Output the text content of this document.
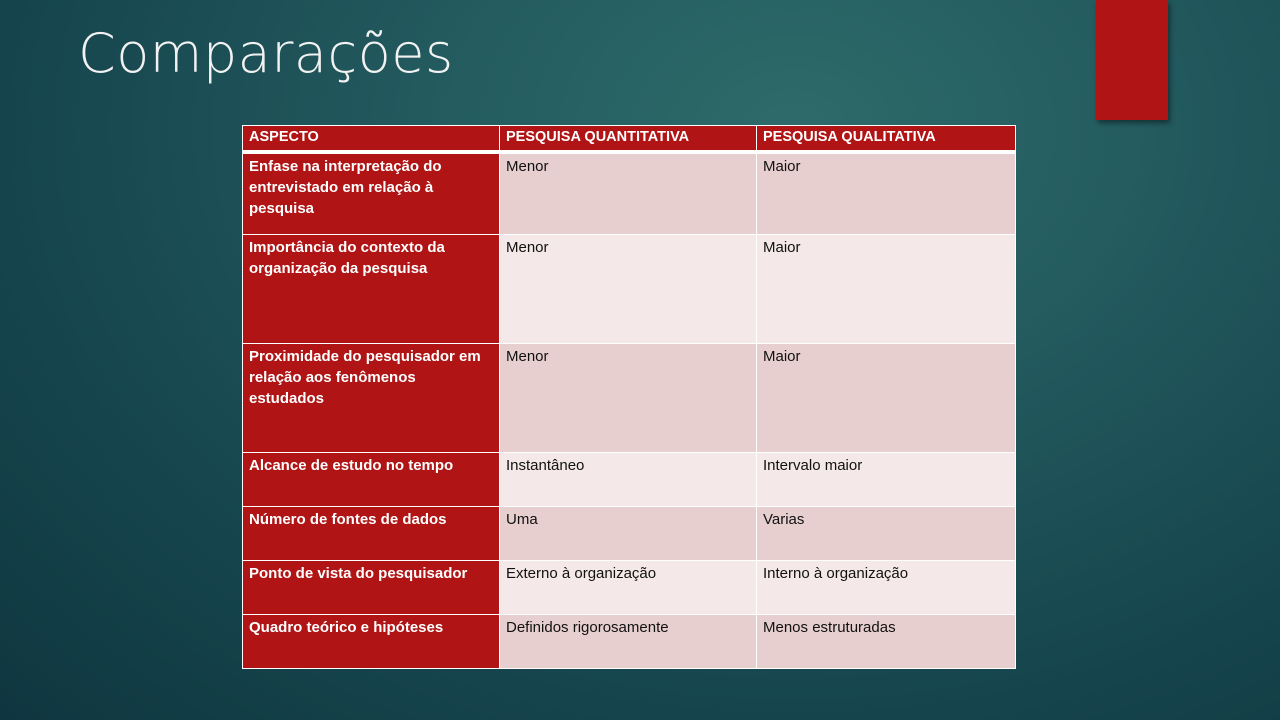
Comparações
ASPECTO	PESQUISA QUANTITATIVA	PESQUISA QUALITATIVA
Enfase na interpretação do entrevistado em relação à pesquisa	Menor	Maior
Importância do contexto da organização da pesquisa	Menor	Maior
Proximidade do pesquisador em relação aos fenômenos estudados	Menor	Maior
Alcance de estudo no tempo	Instantâneo	Intervalo maior
Número de fontes de dados	Uma	Varias
Ponto de vista do pesquisador	Externo à organização	Interno à organização
Quadro teórico e hipóteses	Definidos rigorosamente	Menos estruturadas
